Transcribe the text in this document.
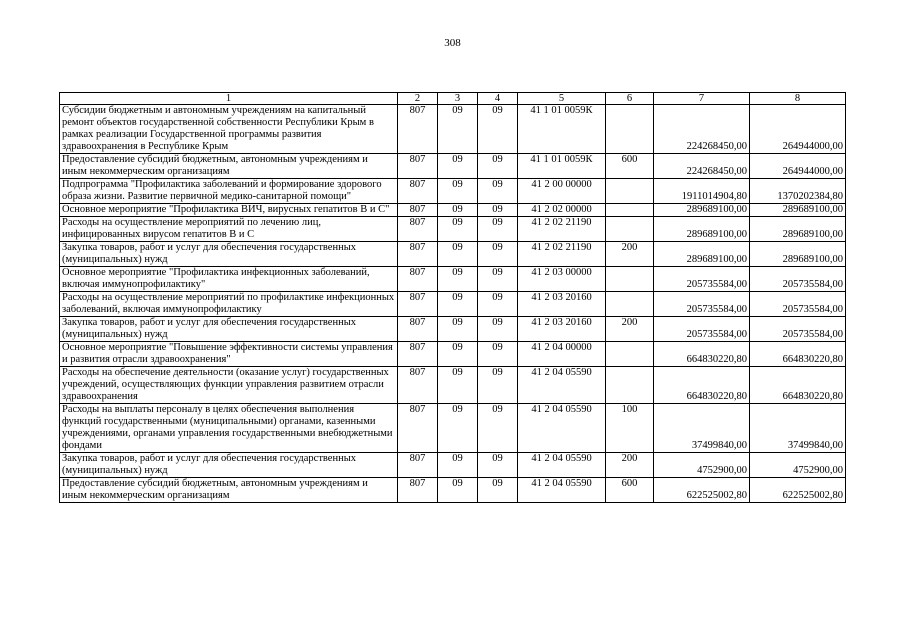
308
1	2	3	4	5	6	7	8
Субсидии бюджетным и автономным учреждениям на капитальный ремонт объектов государственной собственности Республики Крым в рамках реализации Государственной программы развития здравоохранения в Республике Крым	807	09	09	41 1 01 0059К		224268450,00	264944000,00
Предоставление субсидий бюджетным, автономным учреждениям и иным некоммерческим организациям	807	09	09	41 1 01 0059К	600	224268450,00	264944000,00
Подпрограмма "Профилактика заболеваний и формирование здорового образа жизни. Развитие первичной медико-санитарной помощи"	807	09	09	41 2 00 00000		1911014904,80	1370202384,80
Основное мероприятие "Профилактика ВИЧ, вирусных гепатитов В и С"	807	09	09	41 2 02 00000		289689100,00	289689100,00
Расходы на осуществление мероприятий по лечению лиц, инфицированных вирусом гепатитов В и С	807	09	09	41 2 02 21190		289689100,00	289689100,00
Закупка товаров, работ и услуг для обеспечения государственных (муниципальных) нужд	807	09	09	41 2 02 21190	200	289689100,00	289689100,00
Основное мероприятие "Профилактика инфекционных заболеваний, включая иммунопрофилактику"	807	09	09	41 2 03 00000		205735584,00	205735584,00
Расходы на осуществление мероприятий по профилактике инфекционных заболеваний, включая иммунопрофилактику	807	09	09	41 2 03 20160		205735584,00	205735584,00
Закупка товаров, работ и услуг для обеспечения государственных (муниципальных) нужд	807	09	09	41 2 03 20160	200	205735584,00	205735584,00
Основное мероприятие "Повышение эффективности системы управления и развития отрасли здравоохранения"	807	09	09	41 2 04 00000		664830220,80	664830220,80
Расходы на обеспечение деятельности (оказание услуг) государственных учреждений, осуществляющих функции управления развитием отрасли здравоохранения	807	09	09	41 2 04 05590		664830220,80	664830220,80
Расходы на выплаты персоналу в целях обеспечения выполнения функций государственными (муниципальными) органами, казенными учреждениями, органами управления государственными внебюджетными фондами	807	09	09	41 2 04 05590	100	37499840,00	37499840,00
Закупка товаров, работ и услуг для обеспечения государственных (муниципальных) нужд	807	09	09	41 2 04 05590	200	4752900,00	4752900,00
Предоставление субсидий бюджетным, автономным учреждениям и иным некоммерческим организациям	807	09	09	41 2 04 05590	600	622525002,80	622525002,80
